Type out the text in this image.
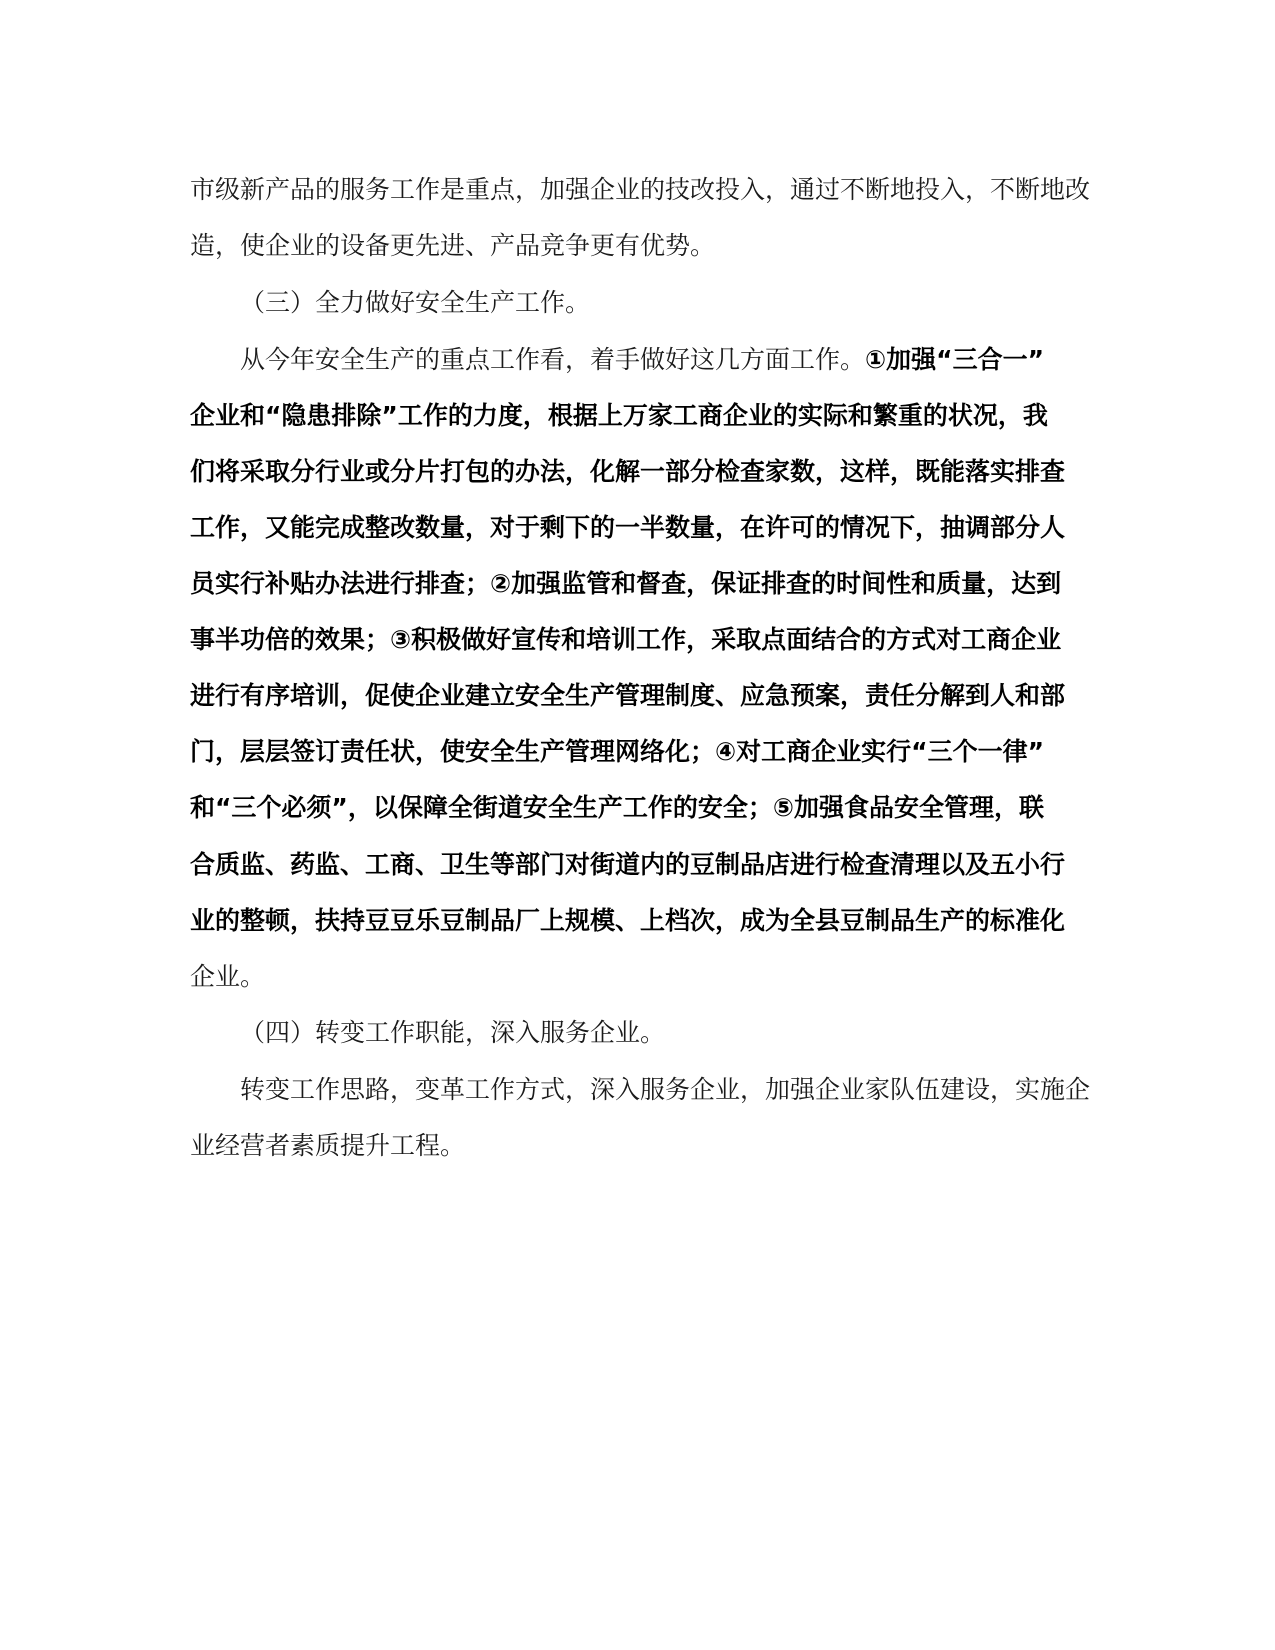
市级新产品的服务工作是重点，加强企业的技改投入，通过不断地投入，不断地改
造，使企业的设备更先进、产品竞争更有优势。
（三）全力做好安全生产工作。
从今年安全生产的重点工作看，着手做好这几方面工作。①加强“三合一”
企业和“隐患排除”工作的力度，根据上万家工商企业的实际和繁重的状况，我
们将采取分行业或分片打包的办法，化解一部分检查家数，这样，既能落实排查
工作，又能完成整改数量，对于剩下的一半数量，在许可的情况下，抽调部分人
员实行补贴办法进行排查；②加强监管和督查，保证排查的时间性和质量，达到
事半功倍的效果；③积极做好宣传和培训工作，采取点面结合的方式对工商企业
进行有序培训，促使企业建立安全生产管理制度、应急预案，责任分解到人和部
门，层层签订责任状，使安全生产管理网络化；④对工商企业实行“三个一律”
和“三个必须”，以保障全街道安全生产工作的安全；⑤加强食品安全管理，联
合质监、药监、工商、卫生等部门对街道内的豆制品店进行检查清理以及五小行
业的整顿，扶持豆豆乐豆制品厂上规模、上档次，成为全县豆制品生产的标准化
企业。
（四）转变工作职能，深入服务企业。
转变工作思路，变革工作方式，深入服务企业，加强企业家队伍建设，实施企
业经营者素质提升工程。
